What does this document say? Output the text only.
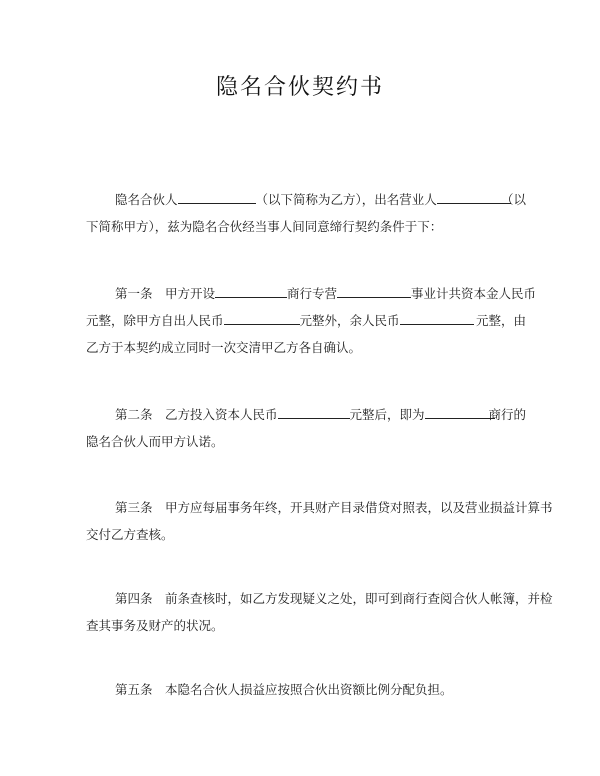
隐名合伙契约书
隐名合伙人	（以下简称为乙方），出名营业人	（以
下简称甲方），兹为隐名合伙经当事人间同意缔行契约条件于下：
第一条　甲方开设	商行专营	事业计共资本金人民币
元整，除甲方自出人民币	元整外，余人民币	元整，由
乙方于本契约成立同时一次交清甲乙方各自确认。
第二条　乙方投入资本人民币	元整后，即为	商行的
隐名合伙人而甲方认诺。
第三条　甲方应每届事务年终，开具财产目录借贷对照表，以及营业损益计算书
交付乙方查核。
第四条　前条查核时，如乙方发现疑义之处，即可到商行查阅合伙人帐簿，并检
查其事务及财产的状况。
第五条　本隐名合伙人损益应按照合伙出资额比例分配负担。
